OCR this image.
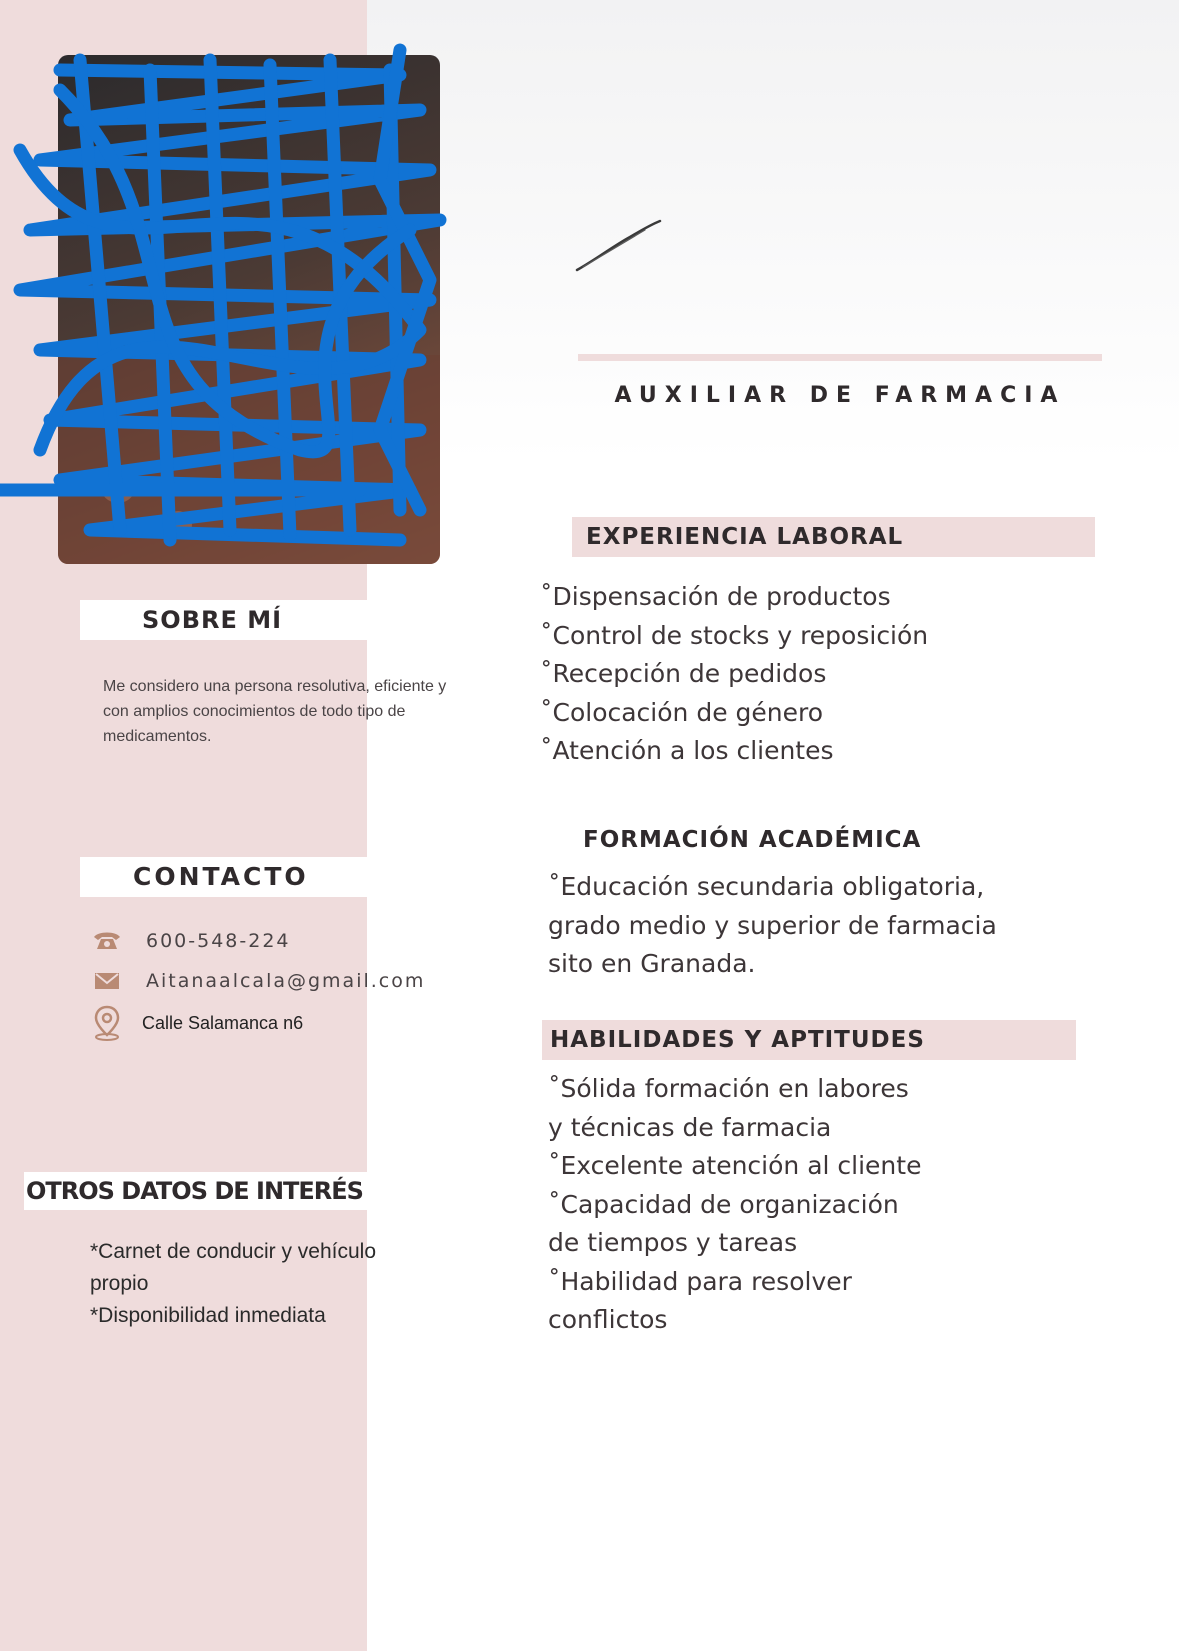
SOBRE MÍ
Me considero una persona resolutiva, eficiente y con amplios conocimientos de todo tipo de medicamentos.
CONTACTO
600-548-224
Aitanaalcala@gmail.com
Calle Salamanca n6
OTROS DATOS DE INTERÉS
*Carnet de conducir y vehículo propio
*Disponibilidad inmediata
AUXILIAR DE FARMACIA
EXPERIENCIA LABORAL
˚Dispensación de productos
˚Control de stocks y reposición
˚Recepción de pedidos
˚Colocación de género
˚Atención a los clientes
FORMACIÓN ACADÉMICA
˚Educación secundaria obligatoria, grado medio y superior de farmacia sito en Granada.
HABILIDADES Y APTITUDES
˚Sólida formación en labores y técnicas de farmacia
˚Excelente atención al cliente
˚Capacidad de organización de tiempos y tareas
˚Habilidad para resolver conflictos
